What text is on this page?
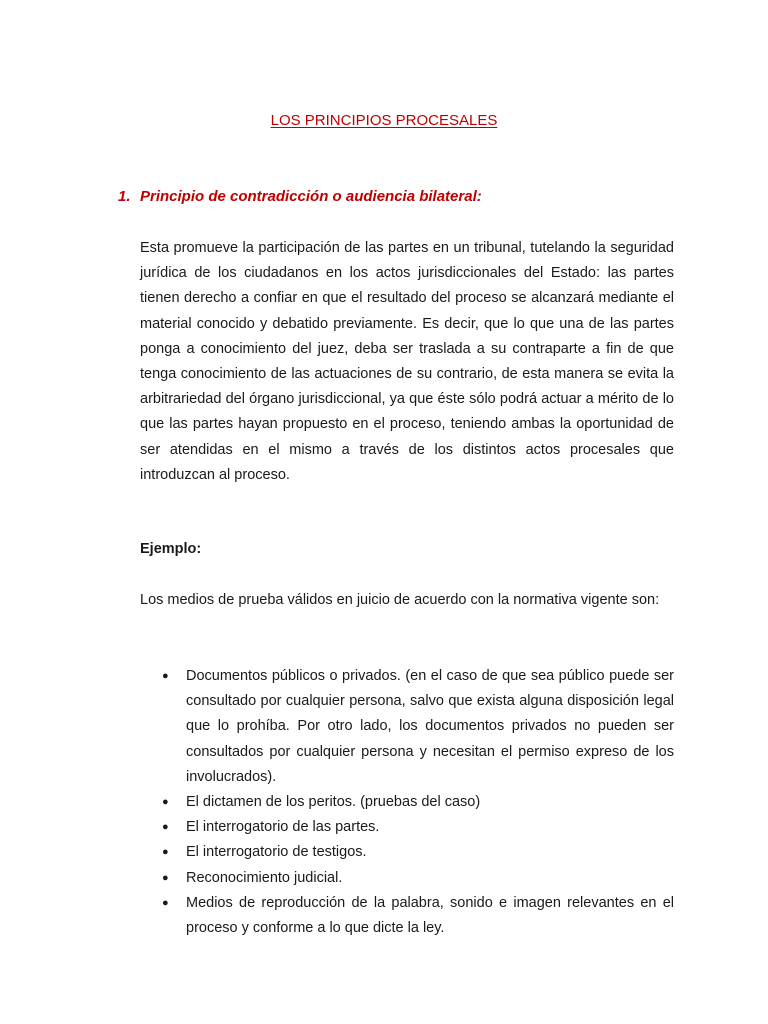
LOS PRINCIPIOS PROCESALES
1. Principio de contradicción o audiencia bilateral:

Esta promueve la participación de las partes en un tribunal, tutelando la seguridad jurídica de los ciudadanos en los actos jurisdiccionales del Estado: las partes tienen derecho a confiar en que el resultado del proceso se alcanzará mediante el material conocido y debatido previamente. Es decir, que lo que una de las partes ponga a conocimiento del juez, deba ser traslada a su contraparte a fin de que tenga conocimiento de las actuaciones de su contrario, de esta manera se evita la arbitrariedad del órgano jurisdiccional, ya que éste sólo podrá actuar a mérito de lo que las partes hayan propuesto en el proceso, teniendo ambas la oportunidad de ser atendidas en el mismo a través de los distintos actos procesales que introduzcan al proceso.

Ejemplo:

Los medios de prueba válidos en juicio de acuerdo con la normativa vigente son:

● Documentos públicos o privados. (en el caso de que sea público puede ser consultado por cualquier persona, salvo que exista alguna disposición legal que lo prohíba. Por otro lado, los documentos privados no pueden ser consultados por cualquier persona y necesitan el permiso expreso de los involucrados).
● El dictamen de los peritos. (pruebas del caso)
● El interrogatorio de las partes.
● El interrogatorio de testigos.
● Reconocimiento judicial.
● Medios de reproducción de la palabra, sonido e imagen relevantes en el proceso y conforme a lo que dicte la ley.
